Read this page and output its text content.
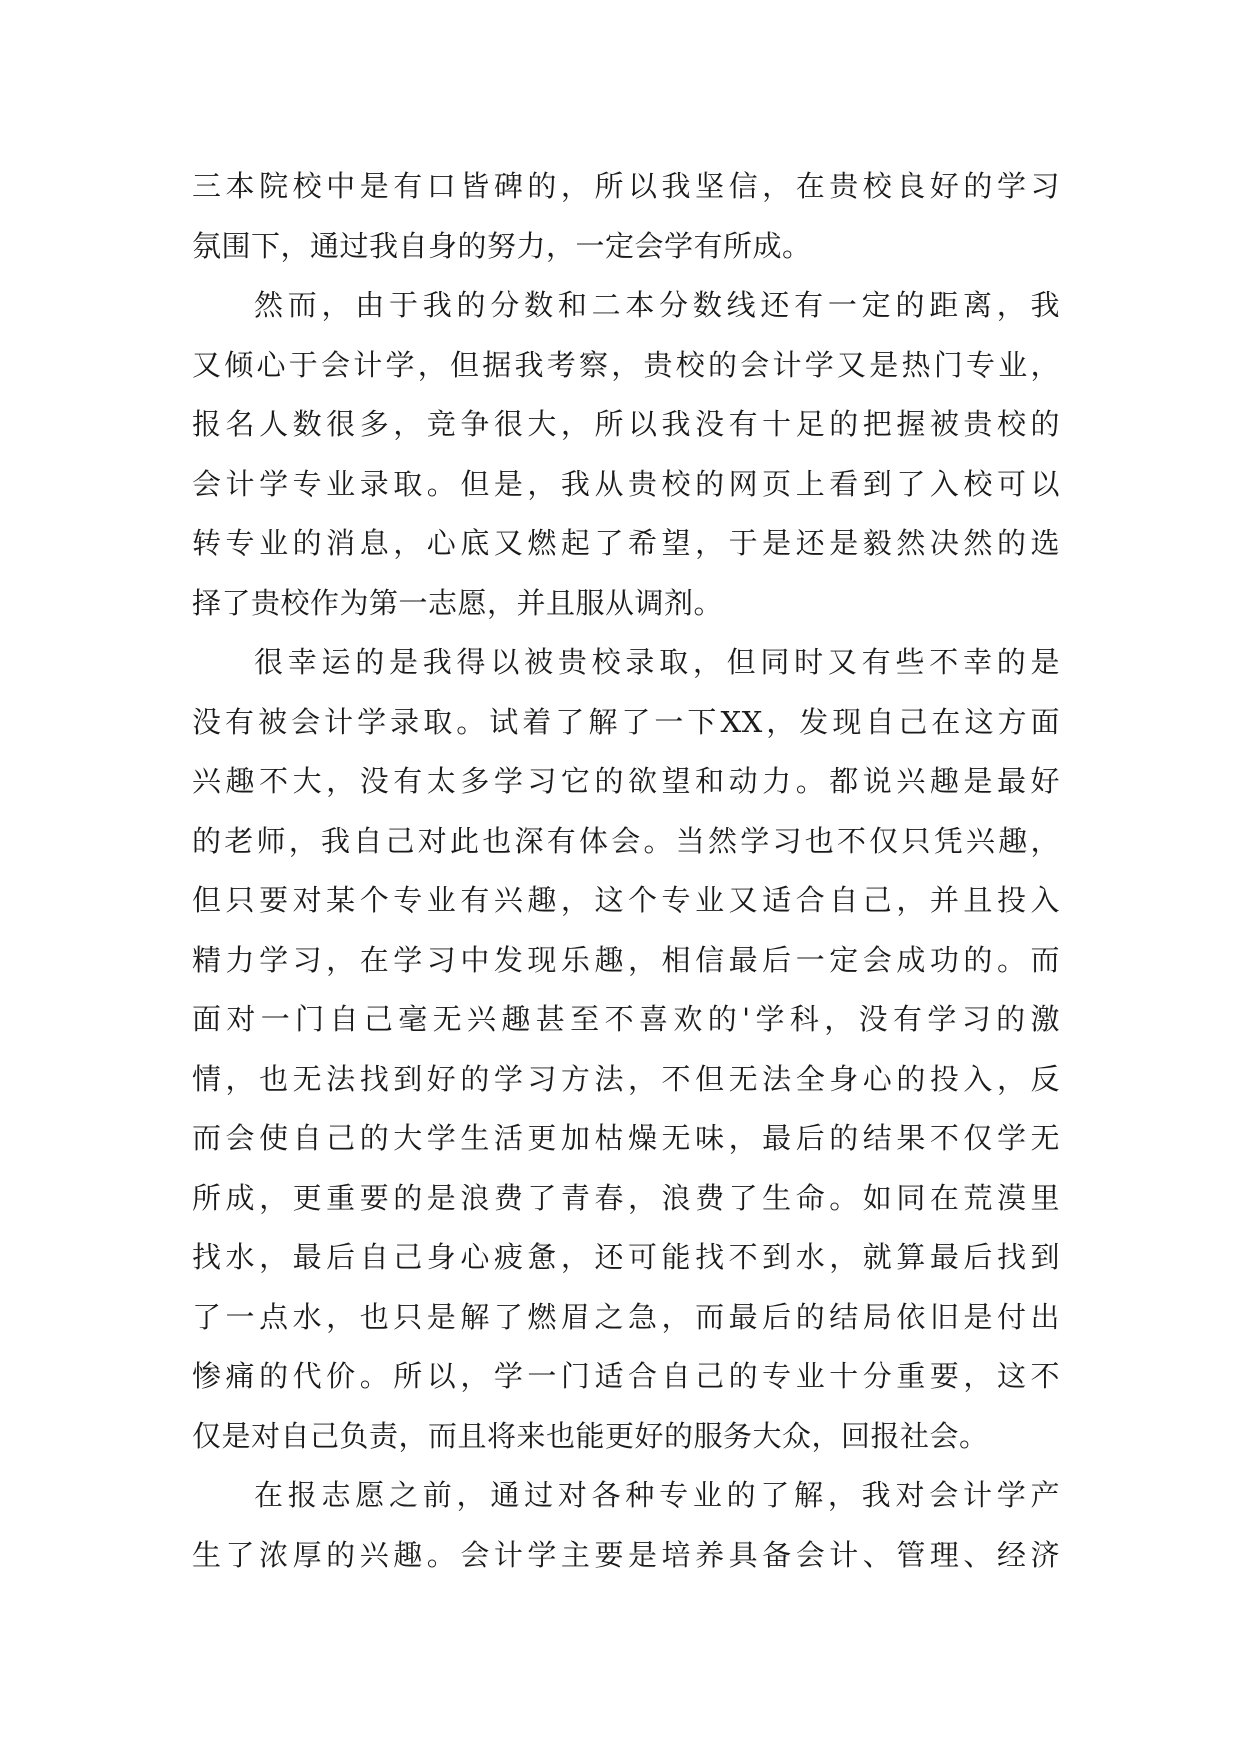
三本院校中是有口皆碑的，所以我坚信，在贵校良好的学习
氛围下，通过我自身的努力，一定会学有所成。
然而，由于我的分数和二本分数线还有一定的距离，我
又倾心于会计学，但据我考察，贵校的会计学又是热门专业，
报名人数很多，竞争很大，所以我没有十足的把握被贵校的
会计学专业录取。但是，我从贵校的网页上看到了入校可以
转专业的消息，心底又燃起了希望，于是还是毅然决然的选
择了贵校作为第一志愿，并且服从调剂。
很幸运的是我得以被贵校录取，但同时又有些不幸的是
没有被会计学录取。试着了解了一下XX，发现自己在这方面
兴趣不大，没有太多学习它的欲望和动力。都说兴趣是最好
的老师，我自己对此也深有体会。当然学习也不仅只凭兴趣，
但只要对某个专业有兴趣，这个专业又适合自己，并且投入
精力学习，在学习中发现乐趣，相信最后一定会成功的。而
面对一门自己毫无兴趣甚至不喜欢的'学科，没有学习的激
情，也无法找到好的学习方法，不但无法全身心的投入，反
而会使自己的大学生活更加枯燥无味，最后的结果不仅学无
所成，更重要的是浪费了青春，浪费了生命。如同在荒漠里
找水，最后自己身心疲惫，还可能找不到水，就算最后找到
了一点水，也只是解了燃眉之急，而最后的结局依旧是付出
惨痛的代价。所以，学一门适合自己的专业十分重要，这不
仅是对自己负责，而且将来也能更好的服务大众，回报社会。
在报志愿之前，通过对各种专业的了解，我对会计学产
生了浓厚的兴趣。会计学主要是培养具备会计、管理、经济
